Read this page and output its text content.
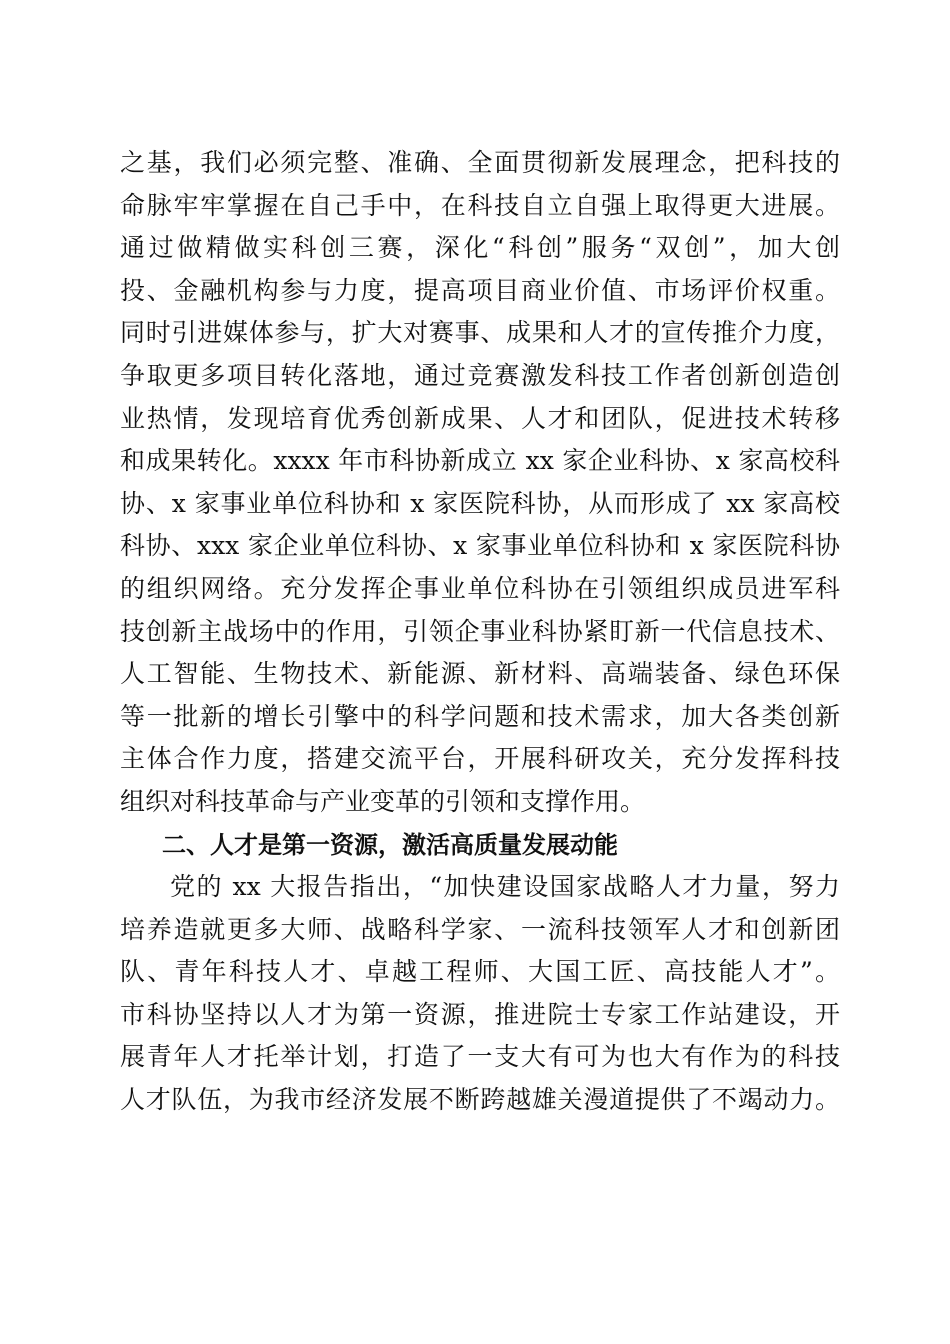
之基，我们必须完整、准确、全面贯彻新发展理念，把科技的
命脉牢牢掌握在自己手中，在科技自立自强上取得更大进展。
通过做精做实科创三赛，深化“科创”服务“双创”，加大创
投、金融机构参与力度，提高项目商业价值、市场评价权重。
同时引进媒体参与，扩大对赛事、成果和人才的宣传推介力度，
争取更多项目转化落地，通过竞赛激发科技工作者创新创造创
业热情，发现培育优秀创新成果、人才和团队，促进技术转移
和成果转化。xxxx 年市科协新成立 xx 家企业科协、x 家高校科
协、x 家事业单位科协和 x 家医院科协，从而形成了 xx 家高校
科协、xxx 家企业单位科协、x 家事业单位科协和 x 家医院科协
的组织网络。充分发挥企事业单位科协在引领组织成员进军科
技创新主战场中的作用，引领企事业科协紧盯新一代信息技术、
人工智能、生物技术、新能源、新材料、高端装备、绿色环保
等一批新的增长引擎中的科学问题和技术需求，加大各类创新
主体合作力度，搭建交流平台，开展科研攻关，充分发挥科技
组织对科技革命与产业变革的引领和支撑作用。
二、人才是第一资源，激活高质量发展动能
党的 xx 大报告指出，“加快建设国家战略人才力量，努力
培养造就更多大师、战略科学家、一流科技领军人才和创新团
队、青年科技人才、卓越工程师、大国工匠、高技能人才”。
市科协坚持以人才为第一资源，推进院士专家工作站建设，开
展青年人才托举计划，打造了一支大有可为也大有作为的科技
人才队伍，为我市经济发展不断跨越雄关漫道提供了不竭动力。
